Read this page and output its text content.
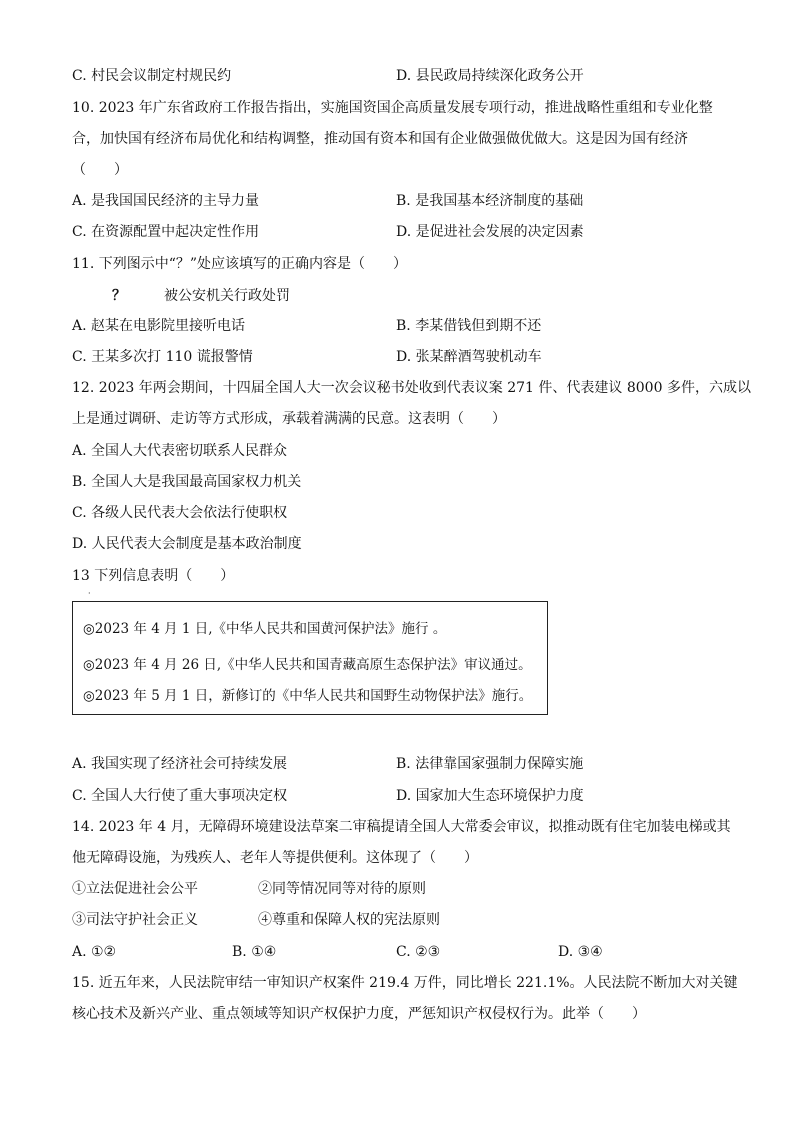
C. 村民会议制定村规民约	D. 县民政局持续深化政务公开
10. 2023 年广东省政府工作报告指出，实施国资国企高质量发展专项行动，推进战略性重组和专业化整
合，加快国有经济布局优化和结构调整，推动国有资本和国有企业做强做优做大。这是因为国有经济
（　　）
A. 是我国国民经济的主导力量	B. 是我国基本经济制度的基础
C. 在资源配置中起决定性作用	D. 是促进社会发展的决定因素
11. 下列图示中“？”处应该填写的正确内容是（　　）
？	被公安机关行政处罚
A. 赵某在电影院里接听电话	B. 李某借钱但到期不还
C. 王某多次打 110 谎报警情	D. 张某醉酒驾驶机动车
12. 2023 年两会期间，十四届全国人大一次会议秘书处收到代表议案 271 件、代表建议 8000 多件，六成以
上是通过调研、走访等方式形成，承载着满满的民意。这表明（　　）
A. 全国人大代表密切联系人民群众
B. 全国人大是我国最高国家权力机关
C. 各级人民代表大会依法行使职权
D. 人民代表大会制度是基本政治制度
13 下列信息表明（　　）
·
◎2023 年 4 月 1 日,《中华人民共和国黄河保护法》施行 。
◎2023 年 4 月 26 日,《中华人民共和国青藏高原生态保护法》审议通过。
◎2023 年 5 月 1 日，新修订的《中华人民共和国野生动物保护法》施行。
A. 我国实现了经济社会可持续发展	B. 法律靠国家强制力保障实施
C. 全国人大行使了重大事项决定权	D. 国家加大生态环境保护力度
14. 2023 年 4 月，无障碍环境建设法草案二审稿提请全国人大常委会审议，拟推动既有住宅加装电梯或其
他无障碍设施，为残疾人、老年人等提供便利。这体现了（　　）
①立法促进社会公平	②同等情况同等对待的原则
③司法守护社会正义	④尊重和保障人权的宪法原则
A. ①②	B. ①④	C. ②③	D. ③④
15. 近五年来，人民法院审结一审知识产权案件 219.4 万件，同比增长 221.1%。人民法院不断加大对关键
核心技术及新兴产业、重点领域等知识产权保护力度，严惩知识产权侵权行为。此举（　　）
